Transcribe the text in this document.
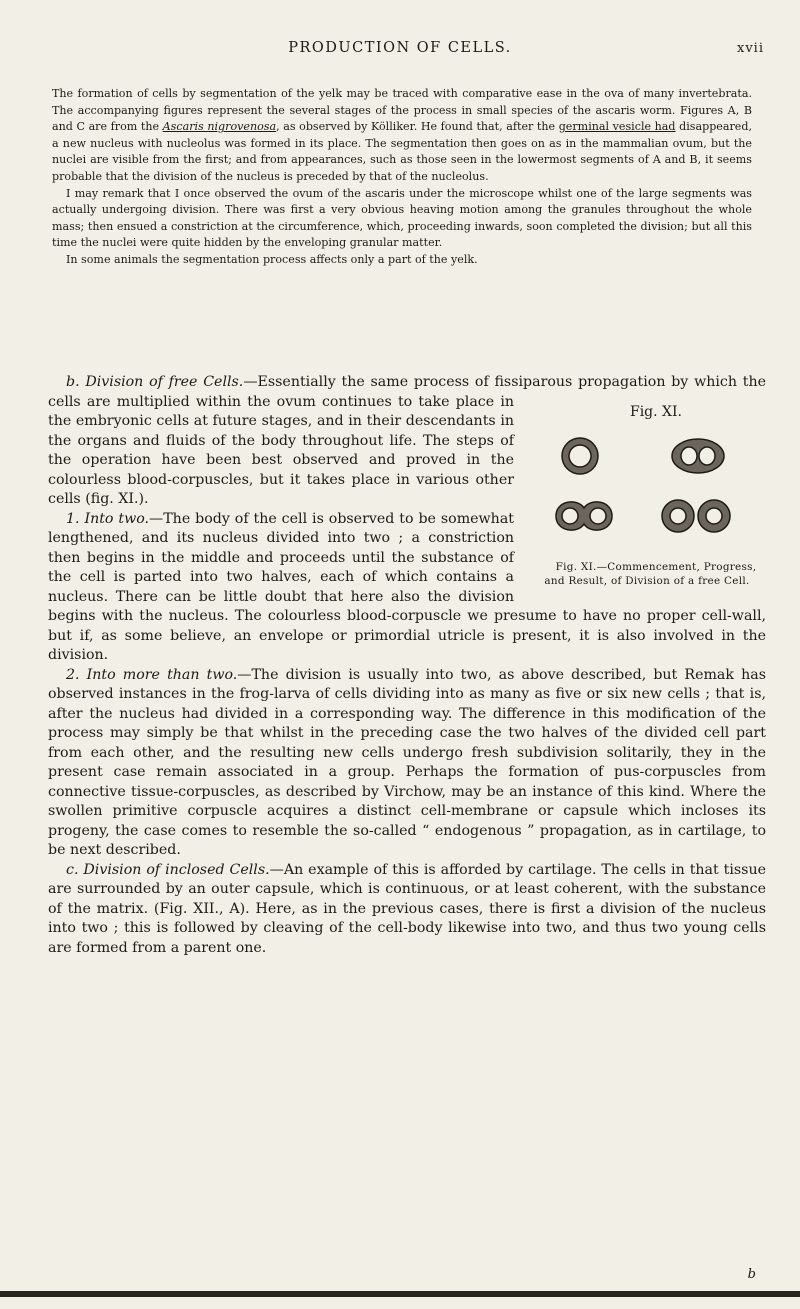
PRODUCTION OF CELLS.	xvii

The formation of cells by segmentation of the yelk may be traced with comparative ease in the ova of many invertebrata. The accompanying figures represent the several stages of the process in small species of the ascaris worm. Figures A, B and C are from the Ascaris nigrovenosa, as observed by Kölliker. He found that, after the germinal vesicle had disappeared, a new nucleus with nucleolus was formed in its place. The segmentation then goes on as in the mammalian ovum, but the nuclei are visible from the first; and from appearances, such as those seen in the lowermost segments of A and B, it seems probable that the division of the nucleus is preceded by that of the nucleolus.

I may remark that I once observed the ovum of the ascaris under the microscope whilst one of the large segments was actually undergoing division. There was first a very obvious heaving motion among the granules throughout the whole mass; then ensued a constriction at the circumference, which, proceeding inwards, soon completed the division; but all this time the nuclei were quite hidden by the enveloping granular matter.

In some animals the segmentation process affects only a part of the yelk.

b. Division of free Cells.—Essentially the same process of fissiparous propagation by which the cells are multiplied within the ovum continues to
Fig. XI.
Fig. XI.—Commencement, Progress, and Result, of Division of a free Cell.
take place in the embryonic cells at future stages, and in their descendants in the organs and fluids of the body throughout life. The steps of the operation have been best observed and proved in the colourless blood-corpuscles, but it takes place in various other cells (fig. XI.).

1. Into two.—The body of the cell is observed to be somewhat lengthened, and its nucleus divided into two ; a constriction then begins in the middle and proceeds until the substance of the cell is parted into two halves, each of which contains a nucleus. There can be little doubt that here also the division begins with the nucleus. The colourless blood-corpuscle we presume to have no proper cell-wall, but if, as some believe, an envelope or primordial utricle is present, it is also involved in the division.

2. Into more than two.—The division is usually into two, as above described, but Remak has observed instances in the frog-larva of cells dividing into as many as five or six new cells ; that is, after the nucleus had divided in a corresponding way. The difference in this modification of the process may simply be that whilst in the preceding case the two halves of the divided cell part from each other, and the resulting new cells undergo fresh subdivision solitarily, they in the present case remain associated in a group. Perhaps the formation of pus-corpuscles from connective tissue-corpuscles, as described by Virchow, may be an instance of this kind. Where the swollen primitive corpuscle acquires a distinct cell-membrane or capsule which incloses its progeny, the case comes to resemble the so-called “ endogenous ” propagation, as in cartilage, to be next described.

c. Division of inclosed Cells.—An example of this is afforded by cartilage. The cells in that tissue are surrounded by an outer capsule, which is continuous, or at least coherent, with the substance of the matrix. (Fig. XII., A). Here, as in the previous cases, there is first a division of the nucleus into two ; this is followed by cleaving of the cell-body likewise into two, and thus two young cells are formed from a parent one.

b
